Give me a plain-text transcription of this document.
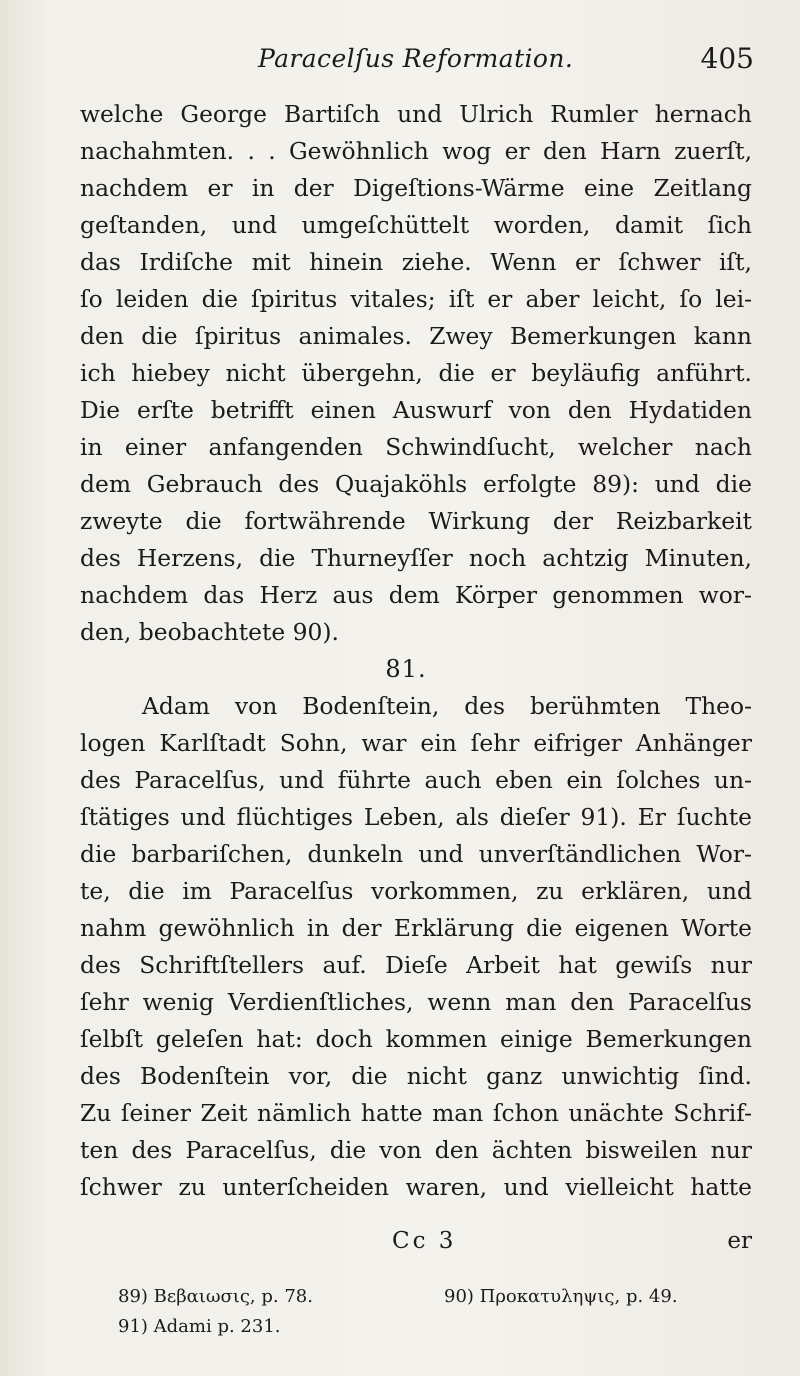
Paracelſus Reformation.	405
welche George Bartiſch und Ulrich Rumler hernach
nachahmten. . . Gewöhnlich wog er den Harn zuerſt,
nachdem er in der Digeſtions-Wärme eine Zeitlang
geſtanden, und umgeſchüttelt worden, damit ſich
das Irdiſche mit hinein ziehe. Wenn er ſchwer iſt,
ſo leiden die ſpiritus vitales; iſt er aber leicht, ſo lei-
den die ſpiritus animales. Zwey Bemerkungen kann
ich hiebey nicht übergehn, die er beyläufig anführt.
Die erſte betrifft einen Auswurf von den Hydatiden
in einer anfangenden Schwindſucht, welcher nach
dem Gebrauch des Quajaköhls erfolgte 89): und die
zweyte die fortwährende Wirkung der Reizbarkeit
des Herzens, die Thurneyſſer noch achtzig Minuten,
nachdem das Herz aus dem Körper genommen wor-
den, beobachtete 90).
81.
Adam von Bodenſtein, des berühmten Theo-
logen Karlſtadt Sohn, war ein ſehr eifriger Anhänger
des Paracelſus, und führte auch eben ein ſolches un-
ſtätiges und flüchtiges Leben, als dieſer 91). Er ſuchte
die barbariſchen, dunkeln und unverſtändlichen Wor-
te, die im Paracelſus vorkommen, zu erklären, und
nahm gewöhnlich in der Erklärung die eigenen Worte
des Schriftſtellers auf. Dieſe Arbeit hat gewiſs nur
ſehr wenig Verdienſtliches, wenn man den Paracelſus
ſelbſt geleſen hat: doch kommen einige Bemerkungen
des Bodenſtein vor, die nicht ganz unwichtig ſind.
Zu ſeiner Zeit nämlich hatte man ſchon unächte Schrif-
ten des Paracelſus, die von den ächten bisweilen nur
ſchwer zu unterſcheiden waren, und vielleicht hatte
Cc 3	er
89) Βεβαιωσις, p. 78.	90) Προκατυληψις, p. 49.
91) Adami p. 231.
